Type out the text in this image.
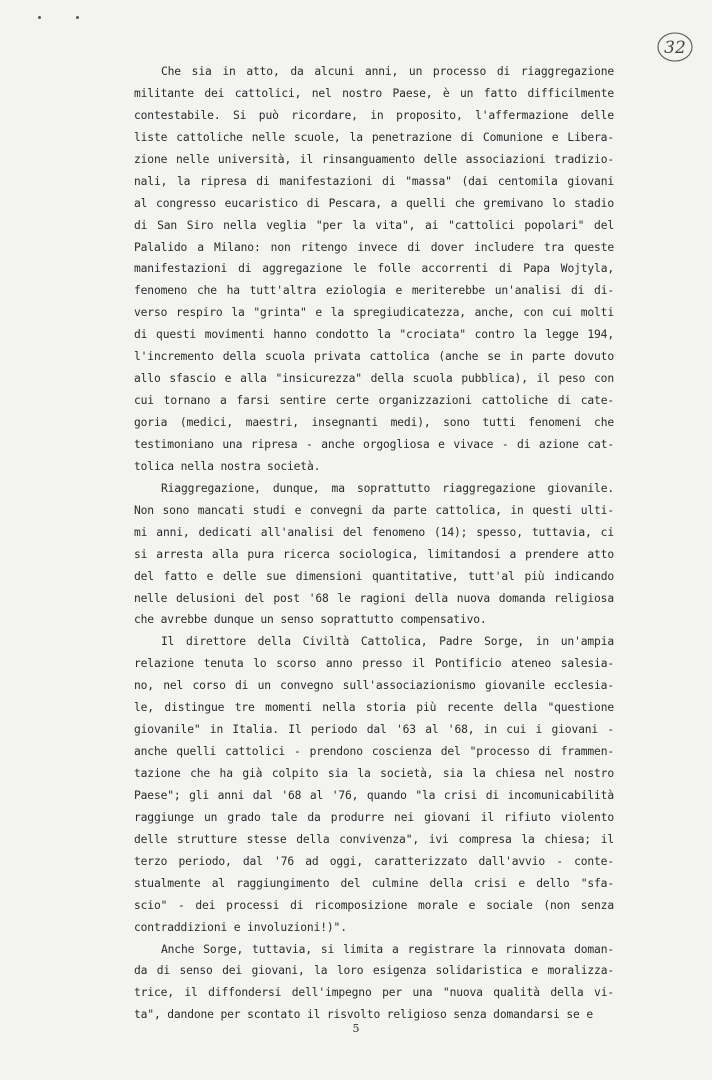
32
Che sia in atto, da alcuni anni, un processo di riaggregazione
militante dei cattolici, nel nostro Paese, è un fatto difficilmente
contestabile. Si può ricordare, in proposito, l'affermazione delle
liste cattoliche nelle scuole, la penetrazione di Comunione e Libera-
zione nelle università, il rinsanguamento delle associazioni tradizio-
nali, la ripresa di manifestazioni di "massa" (dai centomila giovani
al congresso eucaristico di Pescara, a quelli che gremivano lo stadio
di San Siro nella veglia "per la vita", ai "cattolici popolari" del
Palalido a Milano: non ritengo invece di dover includere tra queste
manifestazioni di aggregazione le folle accorrenti di Papa Wojtyla,
fenomeno che ha tutt'altra eziologia e meriterebbe un'analisi di di-
verso respiro la "grinta" e la spregiudicatezza, anche, con cui molti
di questi movimenti hanno condotto la "crociata" contro la legge 194,
l'incremento della scuola privata cattolica (anche se in parte dovuto
allo sfascio e alla "insicurezza" della scuola pubblica), il peso con
cui tornano a farsi sentire certe organizzazioni cattoliche di cate-
goria (medici, maestri, insegnanti medi), sono tutti fenomeni che
testimoniano una ripresa - anche orgogliosa e vivace - di azione cat-
tolica nella nostra società.
Riaggregazione, dunque, ma soprattutto riaggregazione giovanile.
Non sono mancati studi e convegni da parte cattolica, in questi ulti-
mi anni, dedicati all'analisi del fenomeno (14); spesso, tuttavia, ci
si arresta alla pura ricerca sociologica, limitandosi a prendere atto
del fatto e delle sue dimensioni quantitative, tutt'al più indicando
nelle delusioni del post '68 le ragioni della nuova domanda religiosa
che avrebbe dunque un senso soprattutto compensativo.
Il direttore della Civiltà Cattolica, Padre Sorge, in un'ampia
relazione tenuta lo scorso anno presso il Pontificio ateneo salesia-
no, nel corso di un convegno sull'associazionismo giovanile ecclesia-
le, distingue tre momenti nella storia più recente della "questione
giovanile" in Italia. Il periodo dal '63 al '68, in cui i giovani -
anche quelli cattolici - prendono coscienza del "processo di frammen-
tazione che ha già colpito sia la società, sia la chiesa nel nostro
Paese"; gli anni dal '68 al '76, quando "la crisi di incomunicabilità
raggiunge un grado tale da produrre nei giovani il rifiuto violento
delle strutture stesse della convivenza", ivi compresa la chiesa; il
terzo periodo, dal '76 ad oggi, caratterizzato dall'avvio - conte-
stualmente al raggiungimento del culmine della crisi e dello "sfa-
scio" - dei processi di ricomposizione morale e sociale (non senza
contraddizioni e involuzioni!)".
Anche Sorge, tuttavia, si limita a registrare la rinnovata doman-
da di senso dei giovani, la loro esigenza solidaristica e moralizza-
trice, il diffondersi dell'impegno per una "nuova qualità della vi-
ta", dandone per scontato il risvolto religioso senza domandarsi se e
5
